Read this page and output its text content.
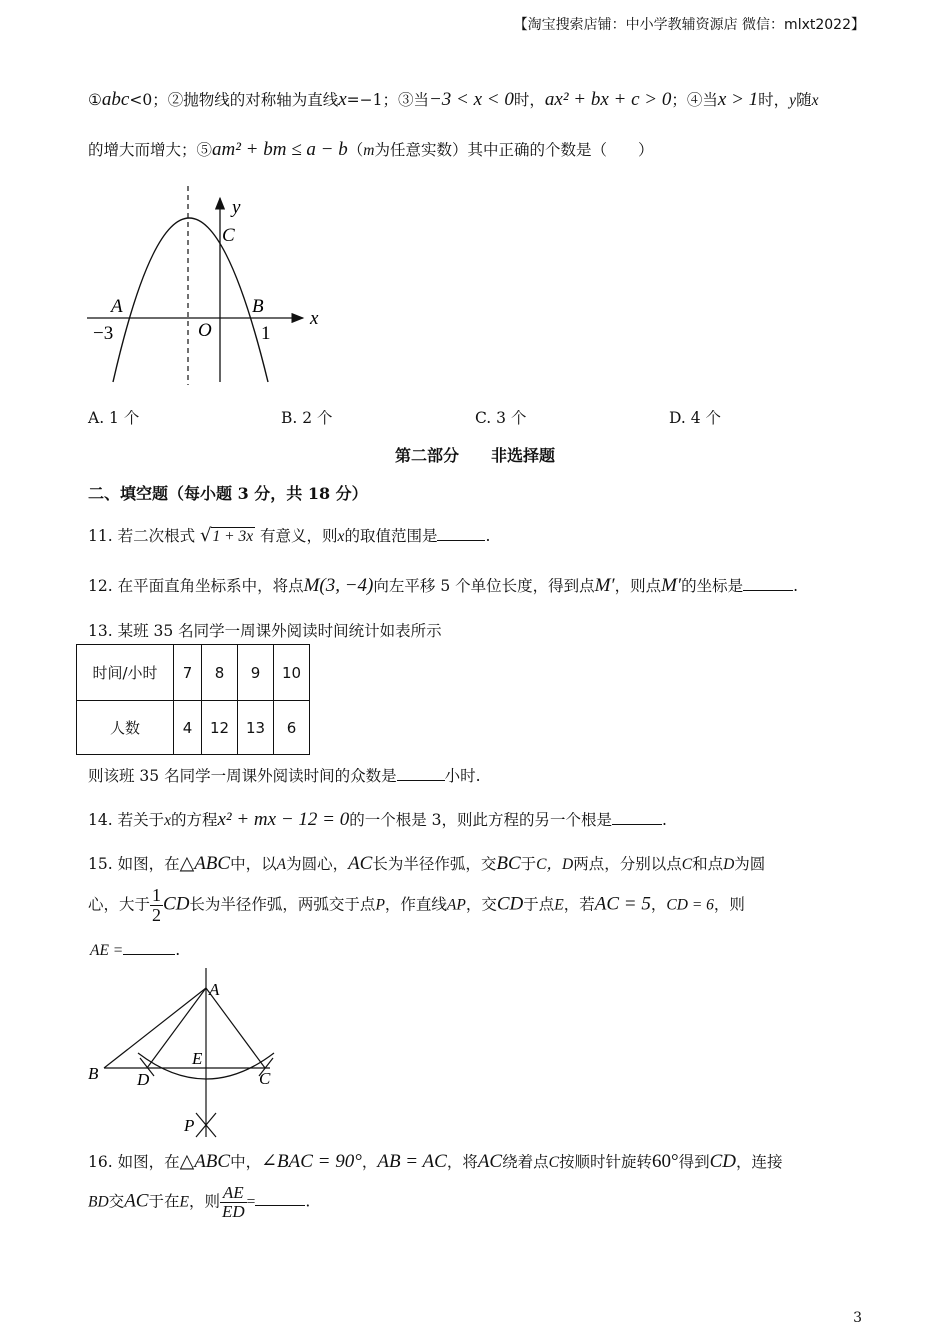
【淘宝搜索店铺：中小学教辅资源店 微信：mlxt2022】
①abc<0；②抛物线的对称轴为直线x=−1；③当−3 < x < 0时，ax² + bx + c > 0；④当x > 1时，y随x
的增大而增大；⑤am² + bm ≤ a − b（m为任意实数）其中正确的个数是（　　）
y
x
C
A	B
O
−3	1
A. 1 个	B. 2 个	C. 3 个	D. 4 个
第二部分　　非选择题
二、填空题（每小题 3 分，共 18 分）
11. 若二次根式 √1 + 3x 有意义，则x的取值范围是	.
12. 在平面直角坐标系中，将点M(3, −4)向左平移 5 个单位长度，得到点M′，则点M′的坐标是	.
13. 某班 35 名同学一周课外阅读时间统计如表所示
时间/小时	7	8	9	10
人数	4	12	13	6
则该班 35 名同学一周课外阅读时间的众数是	小时.
14. 若关于x的方程x² + mx − 12 = 0的一个根是 3，则此方程的另一个根是	.
15. 如图，在△ABC中，以A为圆心，AC长为半径作弧，交BC于C，D两点，分别以点C和点D为圆
心，大于 $\frac{1}{2}$ CD长为半径作弧，两弧交于点P，作直线AP，交CD于点E，若AC = 5，CD = 6，则
AE =	.
A
B D	C
E
P
16. 如图，在△ABC中，∠BAC = 90°，AB = AC，将AC绕着点C按顺时针旋转60°得到CD，连接
BD交AC于在E，则 $\frac{AE}{ED}$ =	.
3
